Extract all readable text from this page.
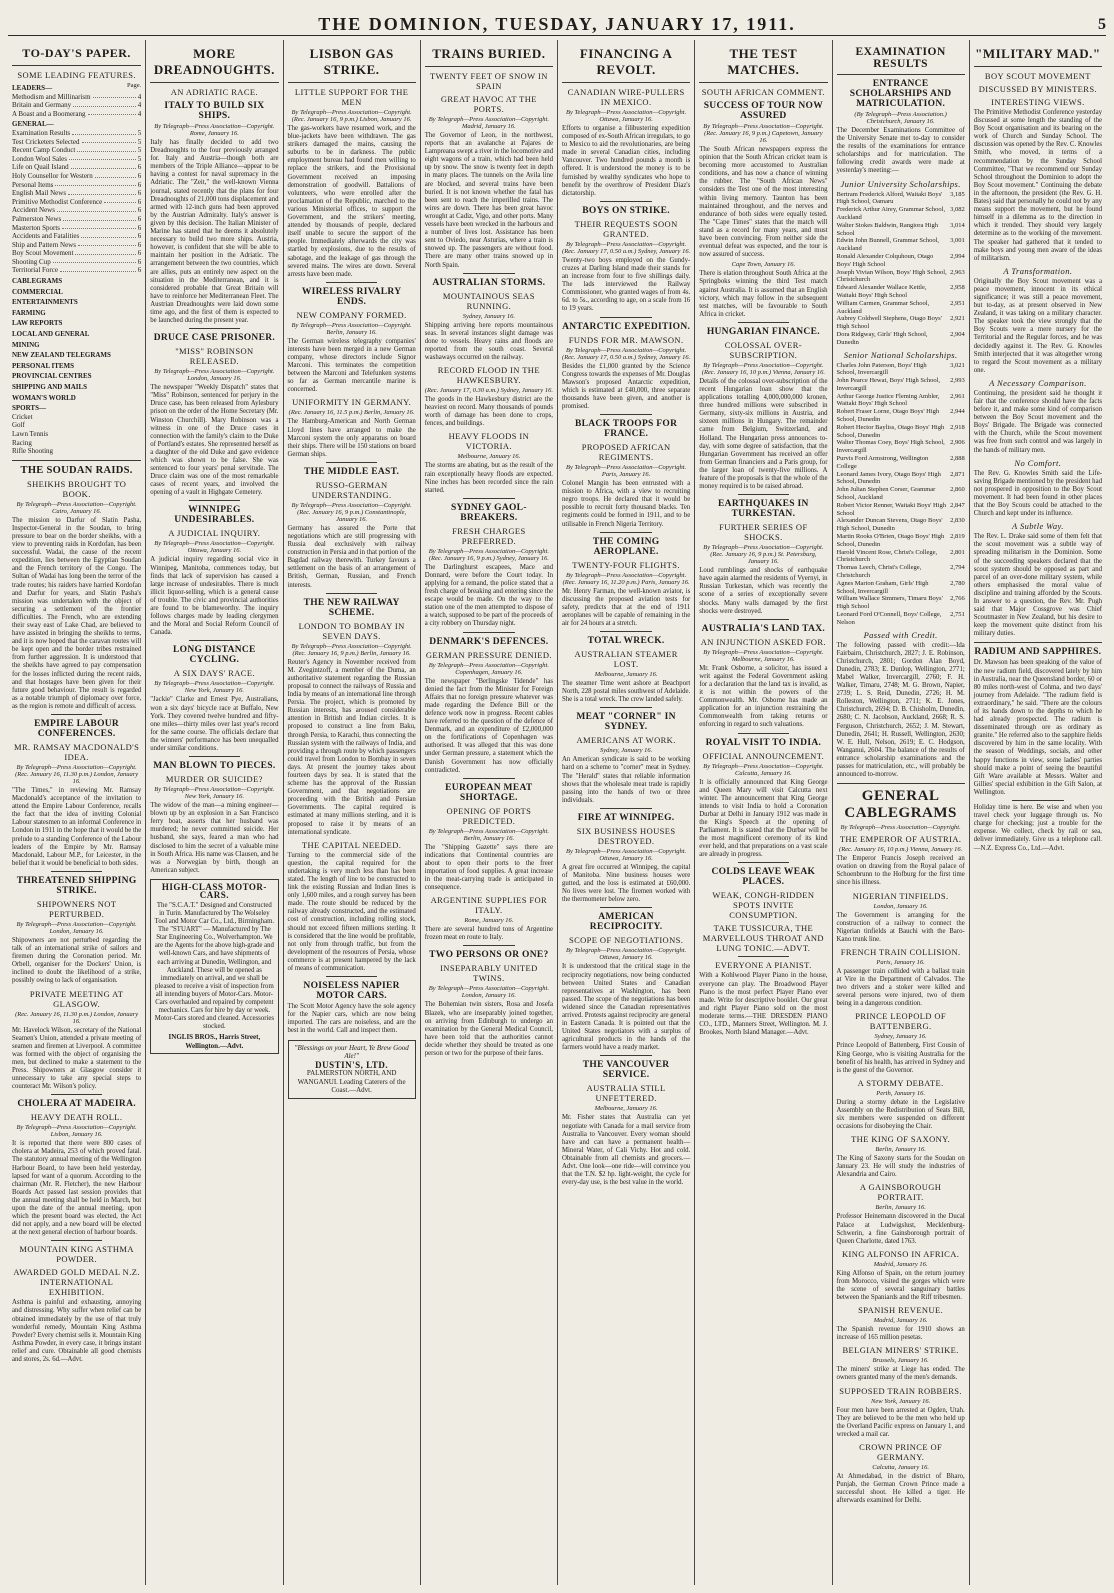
THE DOMINION, TUESDAY, JANUARY 17, 1911.	5
TO-DAY'S PAPER.
SOME LEADING FEATURES.
LEADERS—	Page.
Methodism and Millinarism	4
Britain and Germany	4
A Boast and a Boomerang	4
GENERAL—
Examination Results	5
Test Cricketers Selected	5
Recent Camp Conduct	5
London Wool Sales	5
Life on Quail Island	6
Holy Counsellor for Western	6
Personal Items	6
English Mail News	6
Primitive Methodist Conference	6
Accident News	6
Palmerston News	6
Masterton Sports	6
Accidents and Fatalities	6
Ship and Pattern News	6
Boy Scout Movement	6
Shooting Cup	6
Territorial Force	6
CABLEGRAMS
COMMERCIAL
ENTERTAINMENTS
FARMING
LAW REPORTS
LOCAL AND GENERAL
MINING
NEW ZEALAND TELEGRAMS
PERSONAL ITEMS
PROVINCIAL CENTRES
SHIPPING AND MAILS
WOMAN'S WORLD
SPORTS—
Cricket
Golf
Lawn Tennis
Racing
Rifle Shooting
THE SOUDAN RAIDS.
SHEIKHS BROUGHT TO BOOK.
By Telegraph—Press Association—Copyright. Cairo, January 16.
The mission to Darfur of Slatin Pasha, Inspector-General in the Soudan, to bring pressure to bear on the border sheikhs, with a view to preventing raids in Kordofan, has been successful. Wadai, the cause of the recent expedition, lies between the Egyptian Soudan and the French territory of the Congo. The Sultan of Wadai has long been the terror of the trade routes; his raiders have harried Kordofan and Darfur for years, and Slatin Pasha's mission was undertaken with the object of securing a settlement of the frontier difficulties. The French, who are extending their sway east of Lake Chad, are believed to have assisted in bringing the sheikhs to terms, and it is now hoped that the caravan routes will be kept open and the border tribes restrained from further aggression. It is understood that the sheikhs have agreed to pay compensation for the losses inflicted during the recent raids, and that hostages have been given for their future good behaviour. The result is regarded as a notable triumph of diplomacy over force, as the region is remote and difficult of access.
EMPIRE LABOUR CONFERENCES.
MR. RAMSAY MACDONALD'S IDEA.
By Telegraph—Press Association—Copyright. (Rec. January 16, 11.30 p.m.) London, January 16.
"The Times," in reviewing Mr. Ramsay Macdonald's acceptance of the invitation to attend the Empire Labour Conference, recalls the fact that the idea of inviting Colonial Labour statesmen to an informal Conference in London in 1911 in the hope that it would be the prelude to a standing Conference of the Labour leaders of the Empire by Mr. Ramsay Macdonald, Labour M.P., for Leicester, in the belief that it would be beneficial to both sides.
THREATENED SHIPPING STRIKE.
SHIPOWNERS NOT PERTURBED.
By Telegraph—Press Association—Copyright. London, January 16.
Shipowners are not perturbed regarding the talk of an international strike of sailors and firemen during the Coronation period. Mr. Orbell, organiser for the Dockers' Union, is inclined to doubt the likelihood of a strike, possibly owing to lack of organisation.
PRIVATE MEETING AT GLASGOW.
(Rec. January 16, 11.30 p.m.) London, January 16.
Mr. Havelock Wilson, secretary of the National Seamen's Union, attended a private meeting of seamen and firemen at Liverpool. A committee was formed with the object of organising the men, but declined to make a statement to the Press. Shipowners at Glasgow consider it unnecessary to take any special steps to counteract Mr. Wilson's policy.
CHOLERA AT MADEIRA.
HEAVY DEATH ROLL.
By Telegraph—Press Association—Copyright. Lisbon, January 16.
It is reported that there were 800 cases of cholera at Madeira, 253 of which proved fatal. The statutory annual meeting of the Wellington Harbour Board, to have been held yesterday, lapsed for want of a quorum. According to the chairman (Mr. R. Fletcher), the new Harbour Boards Act passed last session provides that the annual meeting shall be held in March, but upon the date of the annual meeting, upon which the present board was elected, the Act did not apply, and a new board will be elected at the next general election of harbour boards.
MOUNTAIN KING ASTHMA POWDER.
AWARDED GOLD MEDAL N.Z. INTERNATIONAL EXHIBITION.
Asthma is painful and exhausting, annoying and distressing. Why suffer when relief can be obtained immediately by the use of that truly wonderful remedy, Mountain King Asthma Powder? Every chemist sells it. Mountain King Asthma Powder, in every case, it brings instant relief and cure. Obtainable all good chemists and stores, 2s. 6d.—Advt.
MORE DREADNOUGHTS.
AN ADRIATIC RACE.
ITALY TO BUILD SIX SHIPS.
By Telegraph—Press Association—Copyright. Rome, January 16.
Italy has finally decided to add two Dreadnoughts to the four previously arranged for. Italy and Austria—though both are members of the Triple Alliance—appear to be having a contest for naval supremacy in the Adriatic. The "Zeit," the well-known Vienna journal, stated recently that the plans for four Dreadnoughts of 21,000 tons displacement and armed with 12-inch guns had been approved by the Austrian Admiralty. Italy's answer is given by this decision. The Italian Minister of Marine has stated that he deems it absolutely necessary to build two more ships. Austria, however, is confident that she will be able to maintain her position in the Adriatic. The arrangement between the two countries, which are allies, puts an entirely new aspect on the situation in the Mediterranean, and it is considered probable that Great Britain will have to reinforce her Mediterranean Fleet. The Austrian Dreadnoughts were laid down some time ago, and the first of them is expected to be launched during the present year.
DRUCE CASE PRISONER.
"MISS" ROBINSON RELEASED.
By Telegraph—Press Association—Copyright. London, January 16.
The newspaper "Weekly Dispatch" states that "Miss" Robinson, sentenced for perjury in the Druce case, has been released from Aylesbury prison on the order of the Home Secretary (Mr. Winston Churchill). Mary Robinson was a witness in one of the Druce cases in connection with the family's claim to the Duke of Portland's estates. She represented herself as a daughter of the old Duke and gave evidence which was shown to be false. She was sentenced to four years' penal servitude. The Druce claim was one of the most remarkable cases of recent years, and involved the opening of a vault in Highgate Cemetery.
WINNIPEG UNDESIRABLES.
A JUDICIAL INQUIRY.
By Telegraph—Press Association—Copyright. Ottawa, January 16.
A judicial inquiry regarding social vice in Winnipeg, Manitoba, commences today, but finds that lack of supervision has caused a large increase of undesirables. There is much illicit liquor-selling, which is a general cause of trouble. The civic and provincial authorities are found to be blameworthy. The inquiry follows charges made by leading clergymen and the Moral and Social Reform Council of Canada.
LONG DISTANCE CYCLING.
A SIX DAYS' RACE.
By Telegraph—Press Association—Copyright. New York, January 16.
"Jackie" Clarke and Ernest Pye, Australians, won a six days' bicycle race at Buffalo, New York. They covered twelve hundred and fifty-one miles—thirty miles over last year's record for the same course. The officials declare that the winners' performance has been unequalled under similar conditions.
MAN BLOWN TO PIECES.
MURDER OR SUICIDE?
By Telegraph—Press Association—Copyright. New York, January 16.
The widow of the man—a mining engineer—blown up by an explosion in a San Francisco ferry boat, asserts that her husband was murdered; he never committed suicide. Her husband, she says, feared a man who had disclosed to him the secret of a valuable mine in South Africa. His name was Clausen, and he was a Norwegian by birth, though an American subject.
HIGH-CLASS MOTOR-CARS.
The "S.C.A.T." Designed and Constructed in Turin. Manufactured by The Wolseley Tool and Motor Car Co., Ltd., Birmingham. The "STUART" — Manufactured by The Star Engineering Co., Wolverhampton. We are the Agents for the above high-grade and well-known Cars, and have shipments of each arriving at Dunedin, Wellington, and Auckland. These will be opened as immediately on arrival, and we shall be pleased to receive a visit of inspection from all intending buyers of Motor-Cars. Motor-Cars overhauled and repaired by competent mechanics. Cars for hire by day or week. Motor-Cars stored and cleaned. Accessories stocked.
INGLIS BROS., Harris Street, Wellington.—Advt.
LISBON GAS STRIKE.
LITTLE SUPPORT FOR THE MEN
By Telegraph—Press Association—Copyright. (Rec. January 16, 9 p.m.) Lisbon, January 16.
The gas-workers have resumed work, and the blue-jackets have been withdrawn. The gas strikers damaged the mains, causing the suburbs to be in darkness. The public employment bureau had found men willing to replace the strikers, and the Provisional Government received an imposing demonstration of goodwill. Battalions of volunteers, who were enrolled after the proclamation of the Republic, marched to the various Ministerial offices, to support the Government, and the strikers' meeting, attended by thousands of people, declared itself unable to secure the support of the people. Immediately afterwards the city was startled by explosions, due to the results of sabotage, and the leakage of gas through the severed mains. The wires are down. Several arrests have been made.
WIRELESS RIVALRY ENDS.
NEW COMPANY FORMED.
By Telegraph—Press Association—Copyright. Berlin, January 16.
The German wireless telegraphy companies' interests have been merged in a new German company, whose directors include Signor Marconi. This terminates the competition between the Marconi and Telefunken systems so far as German mercantile marine is concerned.
UNIFORMITY IN GERMANY.
(Rec. January 16, 11.5 p.m.) Berlin, January 16.
The Hamburg-American and North German Lloyd lines have arranged to make the Marconi system the only apparatus on board their ships. There will be 150 stations on board German ships.
THE MIDDLE EAST.
RUSSO-GERMAN UNDERSTANDING.
By Telegraph—Press Association—Copyright. (Rec. January 16, 9 p.m.) Constantinople, January 16.
Germany has assured the Porte that negotiations which are still progressing with Russia deal exclusively with railway construction in Persia and in that portion of the Bagdad railway therewith. Turkey favours a settlement on the basis of an arrangement of British, German, Russian, and French interests.
THE NEW RAILWAY SCHEME.
LONDON TO BOMBAY IN SEVEN DAYS.
By Telegraph—Press Association—Copyright. (Rec. January 16, 9 p.m.) Berlin, January 16.
Reuter's Agency in November received from M. Zvegintzoff, a member of the Duma, an authoritative statement regarding the Russian proposal to connect the railways of Russia and India by means of an international line through Persia. The project, which is promoted by Russian interests, has aroused considerable attention in British and Indian circles. It is proposed to construct a line from Baku, through Persia, to Karachi, thus connecting the Russian system with the railways of India, and providing a through route by which passengers could travel from London to Bombay in seven days. At present the journey takes about fourteen days by sea. It is stated that the scheme has the approval of the Russian Government, and that negotiations are proceeding with the British and Persian Governments. The capital required is estimated at many millions sterling, and it is proposed to raise it by means of an international syndicate.
THE CAPITAL NEEDED.
Turning to the commercial side of the question, the capital required for the undertaking is very much less than has been stated. The length of line to be constructed to link the existing Russian and Indian lines is only 1,600 miles, and a rough survey has been made. The route should be reduced by the railway already constructed, and the estimated cost of construction, including rolling stock, should not exceed fifteen millions sterling. It is considered that the line would be profitable, not only from through traffic, but from the development of the resources of Persia, whose commerce is at present hampered by the lack of means of communication.
NOISELESS NAPIER MOTOR CARS.
The Scott Motor Agency have the sole agency for the Napier cars, which are now being imported. The cars are noiseless, and are the best in the world. Call and inspect them.
"Blessings on your Heart, Ye Brew Good Ale!"
DUSTIN'S, LTD.
PALMERSTON NORTH, AND WANGANUI. Leading Caterers of the Coast.—Advt.
TRAINS BURIED.
TWENTY FEET OF SNOW IN SPAIN
GREAT HAVOC AT THE PORTS.
By Telegraph—Press Association—Copyright. Madrid, January 16.
The Governor of Leon, in the northwest, reports that an avalanche at Pajares de Lampreana swept a river in the locomotive and eight wagons of a train, which had been held up by snow. The snow is twenty feet in depth in many places. The tunnels on the Avila line are blocked, and several trains have been buried. It is not known whether the fatal has been sent to reach the imperilled trains. The wires are down. There has been great havoc wrought at Cadiz, Vigo, and other ports. Many vessels have been wrecked in the harbours and a number of lives lost. Assistance has been sent to Oviedo, near Asturias, where a train is snowed up. The passengers are without food. There are many other trains snowed up in North Spain.
AUSTRALIAN STORMS.
MOUNTAINOUS SEAS RUNNING.
Sydney, January 16.
Shipping arriving here reports mountainous seas. In several instances slight damage was done to vessels. Heavy rains and floods are reported from the south coast. Several washaways occurred on the railway.
RECORD FLOOD IN THE HAWKESBURY.
(Rec. January 17, 0.30 a.m.) Sydney, January 16.
The goods in the Hawkesbury district are the heaviest on record. Many thousands of pounds worth of damage has been done to crops, fences, and buildings.
HEAVY FLOODS IN VICTORIA.
Melbourne, January 16.
The storms are abating, but as the result of the rain exceptionally heavy floods are expected. Nine inches has been recorded since the rain started.
SYDNEY GAOL-BREAKERS.
FRESH CHARGES PREFERRED.
By Telegraph—Press Association—Copyright. (Rec. January 16, 9 p.m.) Sydney, January 16.
The Darlinghurst escapees, Mace and Donnard, were before the Court today. In applying for a remand, the police stated that a fresh charge of breaking and entering since the escape would be made. On the way to the station one of the men attempted to dispose of a watch, supposed to be part of the proceeds of a city robbery on Thursday night.
DENMARK'S DEFENCES.
GERMAN PRESSURE DENIED.
By Telegraph—Press Association—Copyright. Copenhagen, January 16.
The newspaper "Berlingske Tidende" has denied the fact from the Minister for Foreign Affairs that no foreign pressure whatever was made regarding the Defence Bill or the defence work now in progress. Recent cables have referred to the question of the defence of Denmark, and an expenditure of £2,000,000 on the fortifications of Copenhagen was authorised. It was alleged that this was done under German pressure, a statement which the Danish Government has now officially contradicted.
EUROPEAN MEAT SHORTAGE.
OPENING OF PORTS PREDICTED.
By Telegraph—Press Association—Copyright. Berlin, January 16.
The "Shipping Gazette" says there are indications that Continental countries are about to open their ports to the freer importation of food supplies. A great increase in the meat-carrying trade is anticipated in consequence.
ARGENTINE SUPPLIES FOR ITALY.
Rome, January 16.
There are several hundred tons of Argentine frozen meat en route to Italy.
TWO PERSONS OR ONE?
INSEPARABLY UNITED TWINS.
By Telegraph—Press Association—Copyright. London, January 16.
The Bohemian twin sisters, Rosa and Josefa Blazek, who are inseparably joined together, on arriving from Edinburgh to undergo an examination by the General Medical Council, have been told that the authorities cannot decide whether they should be treated as one person or two for the purpose of their fares.
FINANCING A REVOLT.
CANADIAN WIRE-PULLERS IN MEXICO.
By Telegraph—Press Association—Copyright. Ottawa, January 16.
Efforts to organise a filibustering expedition composed of ex-South African irregulars, to go to Mexico to aid the revolutionaries, are being made in several Canadian cities, including Vancouver. Two hundred pounds a month is offered. It is understood the money is to be furnished by wealthy syndicates who hope to benefit by the overthrow of President Diaz's dictatorship.
BOYS ON STRIKE.
THEIR REQUESTS SOON GRANTED.
By Telegraph—Press Association—Copyright. (Rec. January 17, 0.50 a.m.) Sydney, January 16.
Twenty-two boys employed on the Gundy-cruzes at Darling Island made their stands for an increase from four to five shillings daily. The lads interviewed the Railway Commissioner, who granted wages of from 4s. 6d. to 5s., according to age, on a scale from 16 to 19 years.
ANTARCTIC EXPEDITION.
FUNDS FOR MR. MAWSON.
By Telegraph—Press Association—Copyright. (Rec. January 17, 0.50 a.m.) Sydney, January 16.
Besides the £1,000 granted by the Science Congress towards the expenses of Mr. Douglas Mawson's proposed Antarctic expedition, which is estimated at £40,000, three separate thousands have been given, and another is promised.
BLACK TROOPS FOR FRANCE.
PROPOSED AFRICAN REGIMENTS.
By Telegraph—Press Association—Copyright. Paris, January 16.
Colonel Mangin has been entrusted with a mission to Africa, with a view to recruiting negro troops. He declared that it would be possible to recruit forty thousand blacks. Ten regiments could be formed in 1911, and to be utilisable in French Nigeria Territory.
THE COMING AEROPLANE.
TWENTY-FOUR FLIGHTS.
By Telegraph—Press Association—Copyright. (Rec. January 16, 11.20 p.m.) Paris, January 16.
Mr. Henry Farman, the well-known aviator, is discussing the proposed aviation tests for safety, predicts that at the end of 1911 aeroplanes will be capable of remaining in the air for 24 hours at a stretch.
TOTAL WRECK.
AUSTRALIAN STEAMER LOST.
Melbourne, January 16.
The steamer Time went ashore at Beachport North, 228 postal miles southwest of Adelaide. She is a total wreck. The crew landed safely.
MEAT "CORNER" IN SYDNEY.
AMERICANS AT WORK.
Sydney, January 16.
An American syndicate is said to be working hard on a scheme to "corner" meat in Sydney. The "Herald" states that reliable information shows that the wholesale meat trade is rapidly passing into the hands of two or three individuals.
FIRE AT WINNIPEG.
SIX BUSINESS HOUSES DESTROYED.
By Telegraph—Press Association—Copyright. Ottawa, January 16.
A great fire occurred at Winnipeg, the capital of Manitoba. Nine business houses were gutted, and the loss is estimated at £60,000. No lives were lost. The firemen worked with the thermometer below zero.
AMERICAN RECIPROCITY.
SCOPE OF NEGOTIATIONS.
By Telegraph—Press Association—Copyright. Ottawa, January 16.
It is understood that the critical stage in the reciprocity negotiations, now being conducted between United States and Canadian representatives at Washington, has been passed. The scope of the negotiations has been widened since the Canadian representatives arrived. Protests against reciprocity are general in Eastern Canada. It is pointed out that the United States negotiators with a surplus of agricultural products in the hands of the farmers would have a ready market.
THE VANCOUVER SERVICE.
AUSTRALIA STILL UNFETTERED.
Melbourne, January 16.
Mr. Fisher states that Australia can yet negotiate with Canada for a mail service from Australia to Vancouver. Every woman should have and can have a permanent health—Mineral Water, of Cali Vichy. Hot and cold. Obtainable from all chemists and grocers.—Advt. One look—one ride—will convince you that the T.N. $2 hp. light-weight, the cycle for every-day use, is the best value in the world.
THE TEST MATCHES.
SOUTH AFRICAN COMMENT.
SUCCESS OF TOUR NOW ASSURED
By Telegraph—Press Association—Copyright. (Rec. January 16, 9 p.m.) Capetown, January 16.
The South African newspapers express the opinion that the South African cricket team is becoming more accustomed to Australian conditions, and has now a chance of winning the rubber. The "South African News" considers the Test one of the most interesting within living memory. Taunton has been maintained throughout, and the nerves and endurance of both sides were equally tested. The "Cape Times" states that the match will stand as a record for many years, and must have been convincing. From neither side the eventual defeat was expected, and the tour is now assured of success.
Cape Town, January 16.
There is elation throughout South Africa at the Springboks winning the third Test match against Australia. It is assumed that an English victory, which may follow in the subsequent test matches, will be favourable to South Africa in cricket.
HUNGARIAN FINANCE.
COLOSSAL OVER-SUBSCRIPTION.
By Telegraph—Press Association—Copyright. (Rec. January 16, 10 p.m.) Vienna, January 16.
Details of the colossal over-subscription of the recent Hungarian loan show that the applications totalling 4,000,000,000 kronen, three hundred millions were subscribed in Germany, sixty-six millions in Austria, and sixteen millions in Hungary. The remainder came from Belgium, Switzerland, and Holland. The Hungarian press announces to-day, with some degree of satisfaction, that the Hungarian Government has received an offer from German financiers and a Paris group, for the larger loan of twenty-five millions. A feature of the proposals is that the whole of the money required is to be raised abroad.
EARTHQUAKES IN TURKESTAN.
FURTHER SERIES OF SHOCKS.
By Telegraph—Press Association—Copyright. (Rec. January 16, 9 p.m.) St. Petersburg, January 16.
Loud rumblings and shocks of earthquake have again alarmed the residents of Vyernyi, in Russian Turkestan, which was recently the scene of a series of exceptionally severe shocks. Many walls damaged by the first shocks were destroyed.
AUSTRALIA'S LAND TAX.
AN INJUNCTION ASKED FOR.
By Telegraph—Press Association—Copyright. Melbourne, January 16.
Mr. Frank Osborne, a solicitor, has issued a writ against the Federal Government asking for a declaration that the land tax is invalid, as it is not within the powers of the Commonwealth. Mr. Osborne has made an application for an injunction restraining the Commonwealth from taking returns or enforcing in regard to such valuations.
ROYAL VISIT TO INDIA.
OFFICIAL ANNOUNCEMENT.
By Telegraph—Press Association—Copyright. Calcutta, January 16.
It is officially announced that King George and Queen Mary will visit Calcutta next winter. The announcement that King George intends to visit India to hold a Coronation Durbar at Delhi in January 1912 was made in the King's Speech at the opening of Parliament. It is stated that the Durbar will be the most magnificent ceremony of its kind ever held, and that preparations on a vast scale are already in progress.
COLDS LEAVE WEAK PLACES.
WEAK, CONGH-RIDDEN SPOTS INVITE CONSUMPTION.
TAKE TUSSICURA, THE MARVELLOUS THROAT AND LUNG TONIC.—ADVT.
EVERYONE A PIANIST.
With a Kohlwood Player Piano in the house, everyone can play. The Broadwood Player Piano is the most perfect Player Piano ever made. Write for descriptive booklet. Our great and right Player Piano sold on the most moderate terms.—THE DRESDEN PIANO CO., LTD., Manners Street, Wellington. M. J. Brookes, North Island Manager.—Advt.
EXAMINATION RESULTS
ENTRANCE SCHOLARSHIPS AND MATRICULATION.
(By Telegraph—Press Association.) Christchurch, January 16.
The December Examinations Committee of the University Senate met to-day to consider the results of the examinations for entrance scholarships and for matriculation. The following credit awards were made at yesterday's meeting:—
Junior University Scholarships.
Bertram Frederick Alford, Waitaki Boys' High School, Oamaru
3,185
Frederick Arthur Airey, Grammar School, Auckland
3,082
Walter Stokes Baldwin, Rangiora High School
3,014
Edwin John Bunnell, Grammar School, Auckland
3,001
Ronald Alexander Colquhoun, Otago Boys' High School
2,994
Joseph Vivian Wilson, Boys' High School, Christchurch
2,963
Edward Alexander Wallace Kettle, Waitaki Boys' High School
2,958
William Carmen, Grammar School, Auckland
2,951
Aubrey Coldwell Stephens, Otago Boys' High School
2,921
Dora Ridgway, Girls' High School, Dunedin
2,904
Senior National Scholarships.
Charles John Paterson, Boys' High School, Invercargill
3,021
John Pearce Hewat, Boys' High School, Invercargill
2,993
Arthur George Justice Fleming Ambler, Waitaki Boys' High School
2,961
Robert Fraser Lorne, Otago Boys' High School, Dunedin
2,944
Robert Hector Bayliss, Otago Boys' High School, Dunedin
2,918
Walter Thomas Coey, Boys' High School, Invercargill
2,906
Purvis Ford Armstrong, Wellington College
2,888
Leonard James Ivory, Otago Boys' High School, Dunedin
2,871
John Julian Stephen Corser, Grammar School, Auckland
2,860
Robert Victor Renner, Waitaki Boys' High School
2,847
Alexander Duncan Stevens, Otago Boys' High School, Dunedin
2,830
Martin Rooks O'Brien, Otago Boys' High School, Dunedin
2,819
Harold Vincent Rose, Christ's College, Christchurch
2,801
Thomas Leech, Christ's College, Christchurch
2,794
Agnes Marion Graham, Girls' High School, Invercargill
2,780
William Wallace Simmers, Timaru Boys' High School
2,766
Leonard Ford O'Connell, Boys' College, Nelson
2,751
Passed with Credit.
The following passed with credit:—Ida Fairbairn, Christchurch, 2827; J. E. Robinson, Christchurch, 2801; Gordon Alan Boyd, Dunedin, 2783; E. Dunlop, Wellington, 2771; Mabel Walker, Invercargill, 2760; F. H. Walker, Timaru, 2748; M. G. Brown, Napier, 2739; L. S. Reid, Dunedin, 2726; H. M. Rolleston, Wellington, 2711; K. E. Jones, Christchurch, 2694; D. B. Chisholm, Dunedin, 2680; C. N. Jacobson, Auckland, 2668; R. S. Ferguson, Christchurch, 2652; J. M. Stewart, Dunedin, 2641; H. Russell, Wellington, 2630; W. E. Hull, Nelson, 2619; E. C. Hodgson, Wanganui, 2604. The balance of the results of entrance scholarship examinations and the passes for matriculation, etc., will probably be announced to-morrow.
GENERAL CABLEGRAMS
By Telegraph—Press Association—Copyright.
THE EMPEROR OF AUSTRIA.
(Rec. January 16, 10 p.m.) Vienna, January 16.
The Emperor Francis Joseph received an ovation on drawing from the Royal palace of Schoenbrunn to the Hofburg for the first time since his illness.
NIGERIAN TINFIELDS.
London, January 16.
The Government is arranging for the construction of a railway to connect the Nigerian tinfields at Bauchi with the Baro-Kano trunk line.
FRENCH TRAIN COLLISION.
Paris, January 16.
A passenger train collided with a ballast train at Vire in the Department of Calvados. The two drivers and a stoker were killed and several persons were injured, two of them being in a dangerous condition.
PRINCE LEOPOLD OF BATTENBERG.
Sydney, January 16.
Prince Leopold of Battenberg, First Cousin of King George, who is visiting Australia for the benefit of his health, has arrived in Sydney and is the guest of the Governor.
A STORMY DEBATE.
Perth, January 16.
During a stormy debate in the Legislative Assembly on the Redistribution of Seats Bill, six members were suspended on different occasions for disobeying the Chair.
THE KING OF SAXONY.
Berlin, January 16.
The King of Saxony starts for the Soudan on January 23. He will study the industries of Alexandria and Cairo.
A GAINSBOROUGH PORTRAIT.
Berlin, January 16.
Professor Heinemann discovered in the Ducal Palace at Ludwigslust, Mecklenburg-Schwerin, a fine Gainsborough portrait of Queen Charlotte, dated 1763.
KING ALFONSO IN AFRICA.
Madrid, January 16.
King Alfonso of Spain, on the return journey from Morocco, visited the gorges which were the scene of several sanguinary battles between the Spaniards and the Riff tribesmen.
SPANISH REVENUE.
Madrid, January 16.
The Spanish revenue for 1910 shows an increase of 165 million pesetas.
BELGIAN MINERS' STRIKE.
Brussels, January 16.
The miners' strike at Liege has ended. The owners granted many of the men's demands.
SUPPOSED TRAIN ROBBERS.
New York, January 16.
Four men have been arrested at Ogden, Utah. They are believed to be the men who held up the Overland Pacific express on January 1, and wrecked a mail car.
CROWN PRINCE OF GERMANY.
Calcutta, January 16.
At Ahmedabad, in the district of Bharo, Punjab, the German Crown Prince made a successful shoot. He killed a tiger. He afterwards examined for Delhi.
"MILITARY MAD."
BOY SCOUT MOVEMENT
DISCUSSED BY MINISTERS.
INTERESTING VIEWS.
The Primitive Methodist Conference yesterday discussed at some length the standing of the Boy Scout organisation and its bearing on the work of Church and Sunday School. The discussion was opened by the Rev. C. Knowles Smith, who moved, in terms of a recommendation by the Sunday School Committee, "That we recommend our Sunday School throughout the Dominion to adopt the Boy Scout movement." Continuing the debate in the afternoon, the president (the Rev. G. H. Bates) said that personally he could not by any means support the movement, but he found himself in a dilemma as to the direction in which it trended. They should very largely determine as to the working of the movement. The speaker had gathered that it tended to make boys and young men aware of the ideas of militarism.
A Transformation.
Originally the Boy Scout movement was a peace movement, innocent in its ethical significance; it was still a peace movement, but to-day, as at present observed in New Zealand, it was taking on a military character. The speaker took the view strongly that the Boy Scouts were a mere nursery for the Territorial and the Regular forces, and he was decidedly against it. The Rev. G. Knowles Smith interjected that it was altogether wrong to regard the Scout movement as a military one.
A Necessary Comparison.
Continuing, the president said he thought it fair that the conference should have the facts before it, and make some kind of comparison between the Boy Scout movement and the Boys' Brigade. The Brigade was connected with the Church, while the Scout movement was free from such control and was largely in the hands of military men.
No Comfort.
The Rev. G. Knowles Smith said the Life-saving Brigade mentioned by the president had not prospered in opposition to the Boy Scout movement. It had been found in other places that the Boy Scouts could be attached to the Church and kept under its influence.
A Subtle Way.
The Rev. L. Drake said some of them felt that the scout movement was a subtle way of spreading militarism in the Dominion. Some of the succeeding speakers declared that the scout system should be opposed as part and parcel of an over-done military system, while others emphasised the moral value of discipline and training afforded by the Scouts. In answer to a question, the Rev. Mr. Pugh said that Major Cossgrove was Chief Scoutmaster in New Zealand, but his desire to keep the movement quite distinct from his military duties.
RADIUM AND SAPPHIRES.
Dr. Mawson has been speaking of the value of the new radium field, discovered lately by him in Australia, near the Queensland border, 60 or 80 miles north-west of Cohma, and two days' journey from Adelaide. "The radium field is extraordinary," he said. "There are the colours of its hands down to the depths to which he had already prospected. The radium is disseminated through ore as ordinary as granite." He referred also to the sapphire fields discovered by him in the same locality. With the season of Weddings, socials, and other happy functions in view, some ladies' parties should make a point of seeing the beautiful Gift Ware available at Messrs. Walter and Gillies' special exhibition in the Gift Salon, at Wellington.
Holiday time is here. Be wise and when you travel check your luggage through us. No charge for checking; just a trouble for the expense. We collect, check by rail or sea, deliver immediately. Give us a telephone call.—N.Z. Express Co., Ltd.—Advt.
